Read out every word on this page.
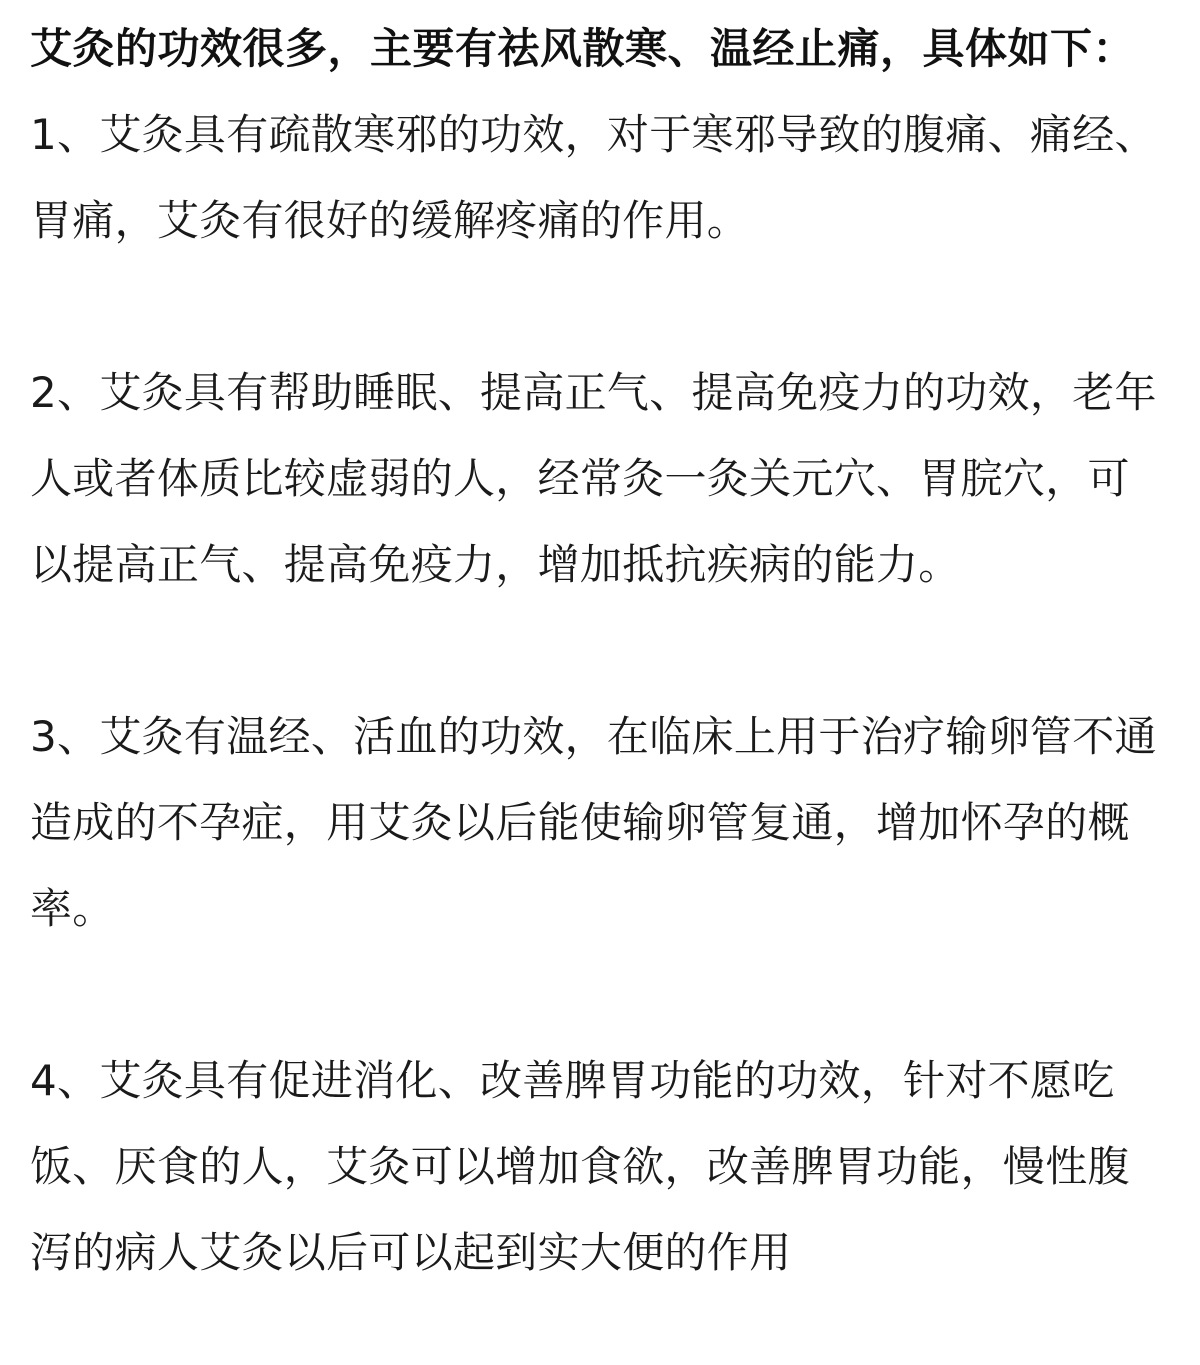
艾灸的功效很多，主要有祛风散寒、温经止痛，具体如下：

1、艾灸具有疏散寒邪的功效，对于寒邪导致的腹痛、痛经、胃痛，艾灸有很好的缓解疼痛的作用。

2、艾灸具有帮助睡眠、提高正气、提高免疫力的功效，老年人或者体质比较虚弱的人，经常灸一灸关元穴、胃脘穴，可以提高正气、提高免疫力，增加抵抗疾病的能力。

3、艾灸有温经、活血的功效，在临床上用于治疗输卵管不通造成的不孕症，用艾灸以后能使输卵管复通，增加怀孕的概率。

4、艾灸具有促进消化、改善脾胃功能的功效，针对不愿吃饭、厌食的人，艾灸可以增加食欲，改善脾胃功能，慢性腹泻的病人艾灸以后可以起到实大便的作用
